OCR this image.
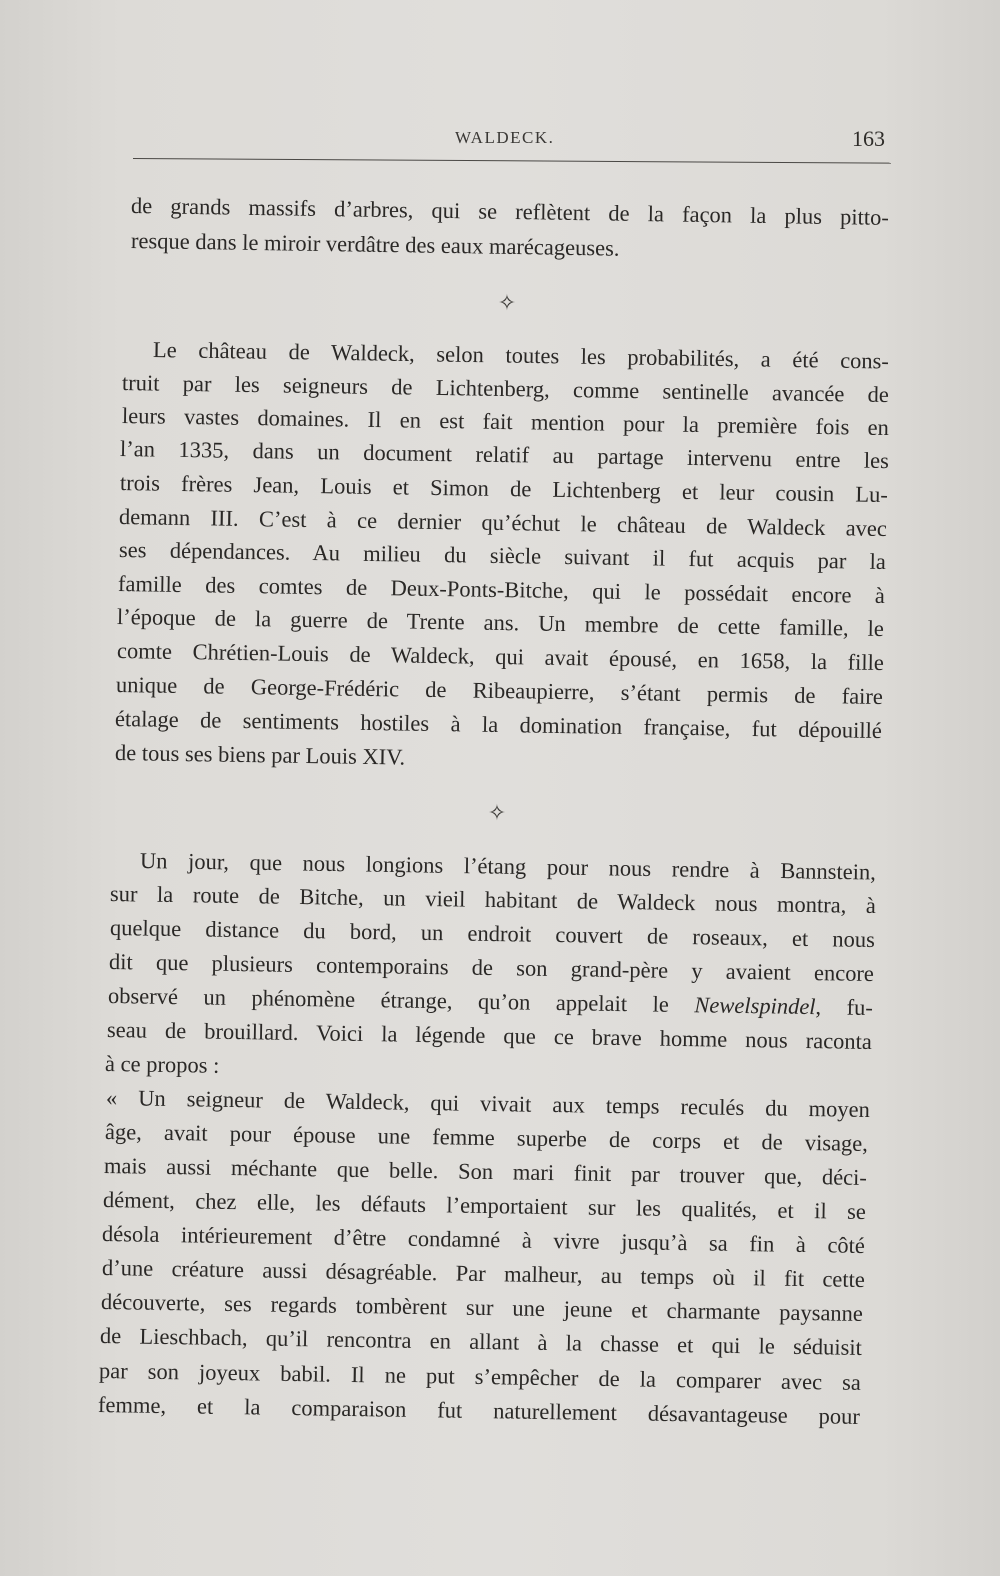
WALDECK.	163
de grands massifs d’arbres, qui se reflètent de la façon la plus pitto-
resque dans le miroir verdâtre des eaux marécageuses.
✧
Le château de Waldeck, selon toutes les probabilités, a été cons-
truit par les seigneurs de Lichtenberg, comme sentinelle avancée de
leurs vastes domaines. Il en est fait mention pour la première fois en
l’an 1335, dans un document relatif au partage intervenu entre les
trois frères Jean, Louis et Simon de Lichtenberg et leur cousin Lu-
demann III. C’est à ce dernier qu’échut le château de Waldeck avec
ses dépendances. Au milieu du siècle suivant il fut acquis par la
famille des comtes de Deux-Ponts-Bitche, qui le possédait encore à
l’époque de la guerre de Trente ans. Un membre de cette famille, le
comte Chrétien-Louis de Waldeck, qui avait épousé, en 1658, la fille
unique de George-Frédéric de Ribeaupierre, s’étant permis de faire
étalage de sentiments hostiles à la domination française, fut dépouillé
de tous ses biens par Louis XIV.
✧
Un jour, que nous longions l’étang pour nous rendre à Bannstein,
sur la route de Bitche, un vieil habitant de Waldeck nous montra, à
quelque distance du bord, un endroit couvert de roseaux, et nous
dit que plusieurs contemporains de son grand-père y avaient encore
observé un phénomène étrange, qu’on appelait le Newelspindel, fu-
seau de brouillard. Voici la légende que ce brave homme nous raconta
à ce propos :
« Un seigneur de Waldeck, qui vivait aux temps reculés du moyen
âge, avait pour épouse une femme superbe de corps et de visage,
mais aussi méchante que belle. Son mari finit par trouver que, déci-
dément, chez elle, les défauts l’emportaient sur les qualités, et il se
désola intérieurement d’être condamné à vivre jusqu’à sa fin à côté
d’une créature aussi désagréable. Par malheur, au temps où il fit cette
découverte, ses regards tombèrent sur une jeune et charmante paysanne
de Lieschbach, qu’il rencontra en allant à la chasse et qui le séduisit
par son joyeux babil. Il ne put s’empêcher de la comparer avec sa
femme, et la comparaison fut naturellement désavantageuse pour
